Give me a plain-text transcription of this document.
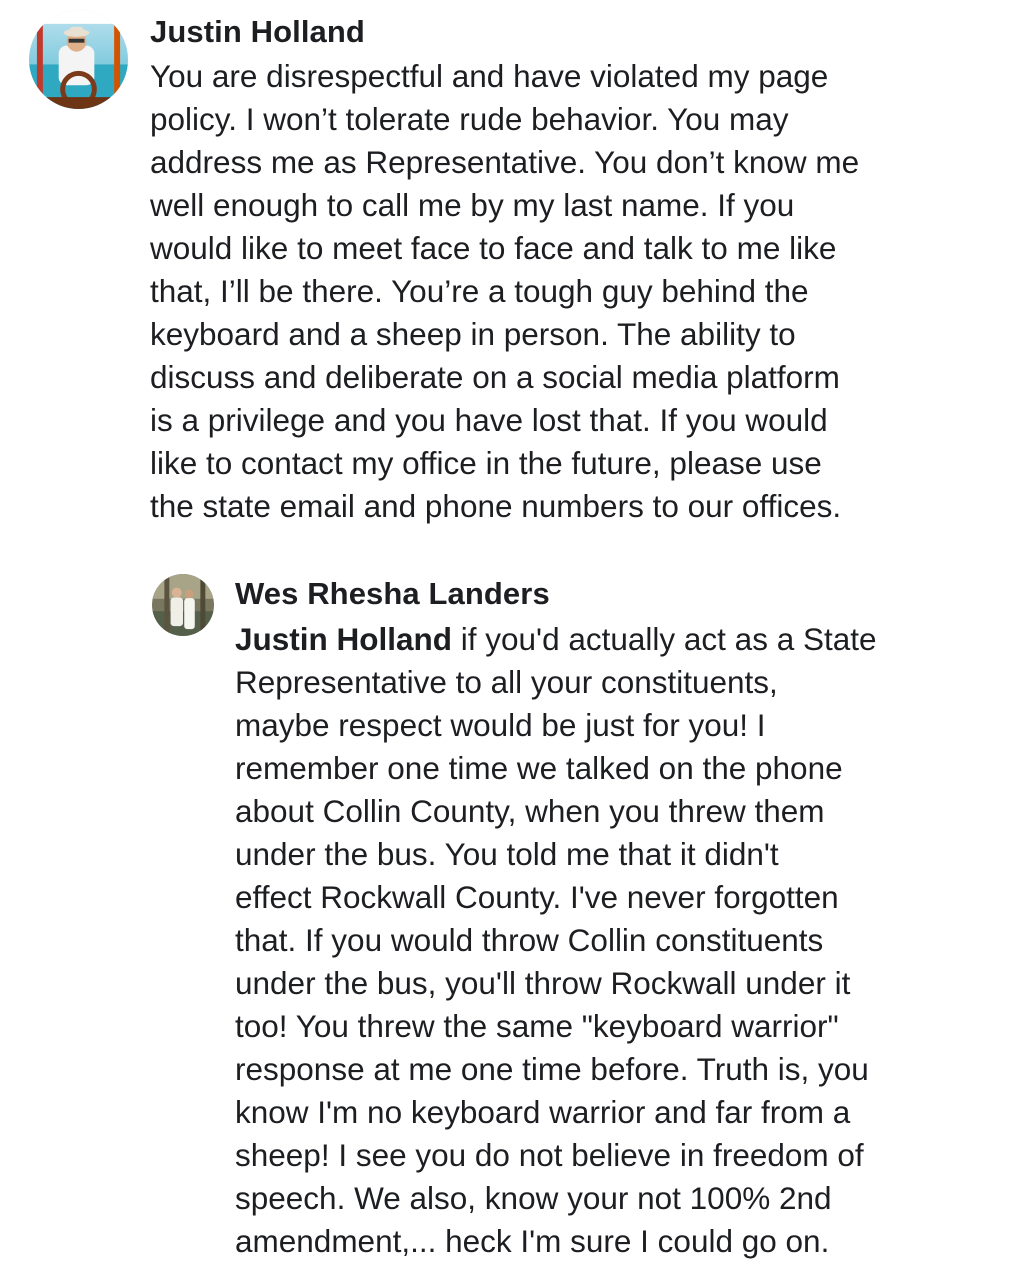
Justin Holland
You are disrespectful and have violated my page
policy. I won’t tolerate rude behavior. You may
address me as Representative. You don’t know me
well enough to call me by my last name. If you
would like to meet face to face and talk to me like
that, I’ll be there. You’re a tough guy behind the
keyboard and a sheep in person. The ability to
discuss and deliberate on a social media platform
is a privilege and you have lost that. If you would
like to contact my office in the future, please use
the state email and phone numbers to our offices.
Wes Rhesha Landers
Justin Holland if you'd actually act as a State
Representative to all your constituents,
maybe respect would be just for you! I
remember one time we talked on the phone
about Collin County, when you threw them
under the bus. You told me that it didn't
effect Rockwall County. I've never forgotten
that. If you would throw Collin constituents
under the bus, you'll throw Rockwall under it
too! You threw the same "keyboard warrior"
response at me one time before. Truth is, you
know I'm no keyboard warrior and far from a
sheep! I see you do not believe in freedom of
speech. We also, know your not 100% 2nd
amendment,... heck I'm sure I could go on.
